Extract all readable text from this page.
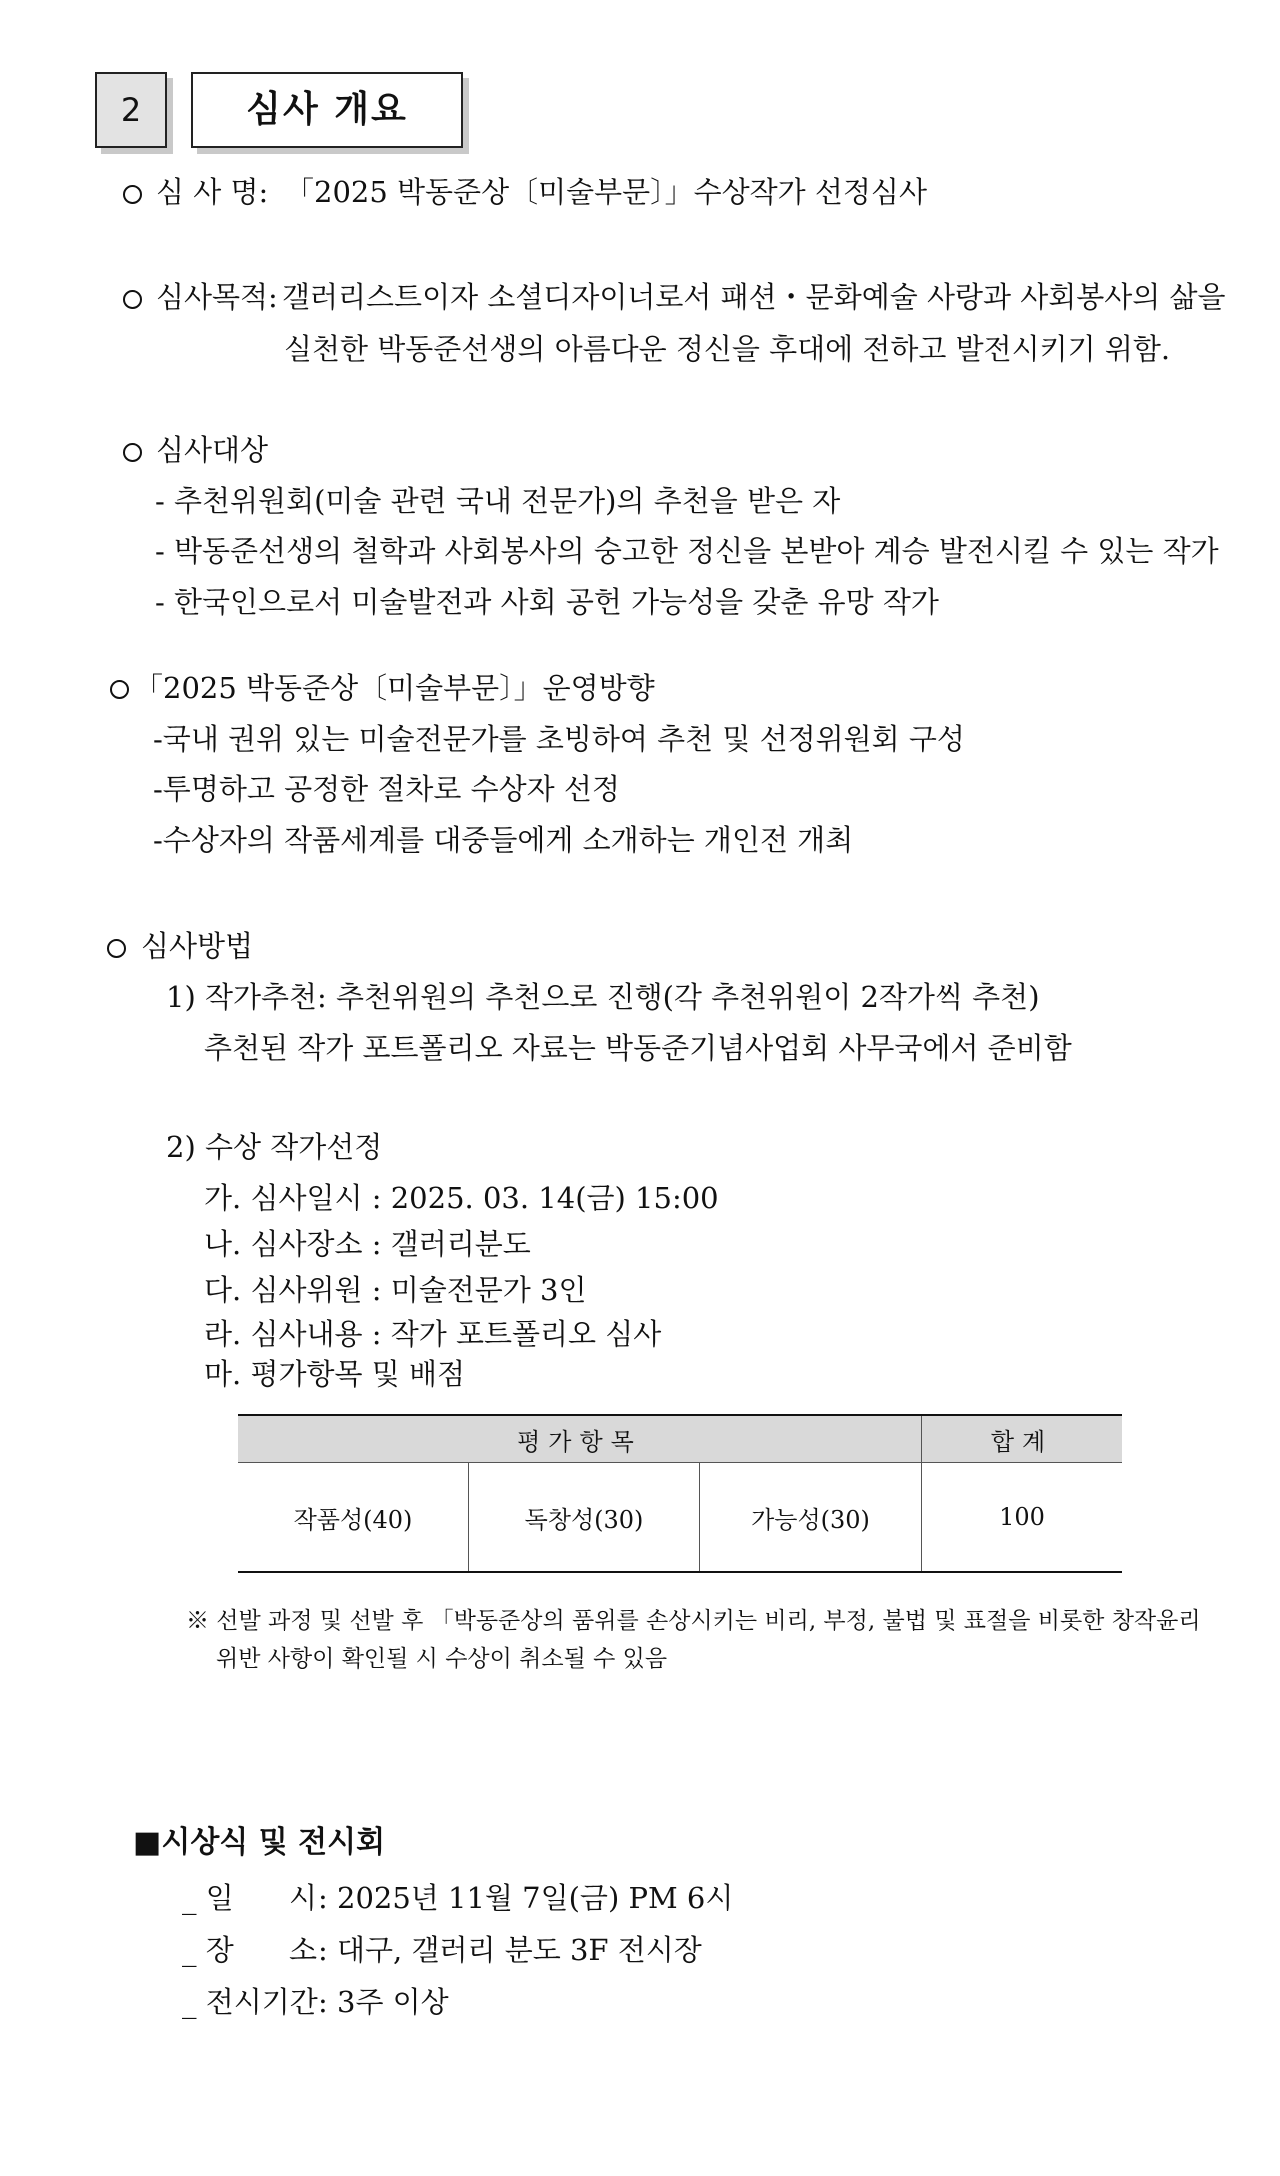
2	심사 개요
심 사 명: 「2025 박동준상〔미술부문〕」수상작가 선정심사
심사목적: 갤러리스트이자 소셜디자이너로서 패션・문화예술 사랑과 사회봉사의 삶을
실천한 박동준선생의 아름다운 정신을 후대에 전하고 발전시키기 위함.
심사대상
- 추천위원회(미술 관련 국내 전문가)의 추천을 받은 자
- 박동준선생의 철학과 사회봉사의 숭고한 정신을 본받아 계승 발전시킬 수 있는 작가
- 한국인으로서 미술발전과 사회 공헌 가능성을 갖춘 유망 작가
「2025 박동준상〔미술부문〕」운영방향
-국내 권위 있는 미술전문가를 초빙하여 추천 및 선정위원회 구성
-투명하고 공정한 절차로 수상자 선정
-수상자의 작품세계를 대중들에게 소개하는 개인전 개최
심사방법
1) 작가추천: 추천위원의 추천으로 진행(각 추천위원이 2작가씩 추천)
추천된 작가 포트폴리오 자료는 박동준기념사업회 사무국에서 준비함
2) 수상 작가선정
가. 심사일시 : 2025. 03. 14(금) 15:00
나. 심사장소 : 갤러리분도
다. 심사위원 : 미술전문가 3인
라. 심사내용 : 작가 포트폴리오 심사
마. 평가항목 및 배점
평가항목			합계
작품성(40)	독창성(30)	가능성(30)	100
※ 선발 과정 및 선발 후 「박동준상의 품위를 손상시키는 비리, 부정, 불법 및 표절을 비롯한 창작윤리
위반 사항이 확인될 시 수상이 취소될 수 있음
■시상식 및 전시회
_ 일      시 : 2025년 11월 7일(금) PM 6시
_ 장      소 : 대구, 갤러리 분도 3F 전시장
_ 전시기간 : 3주 이상
